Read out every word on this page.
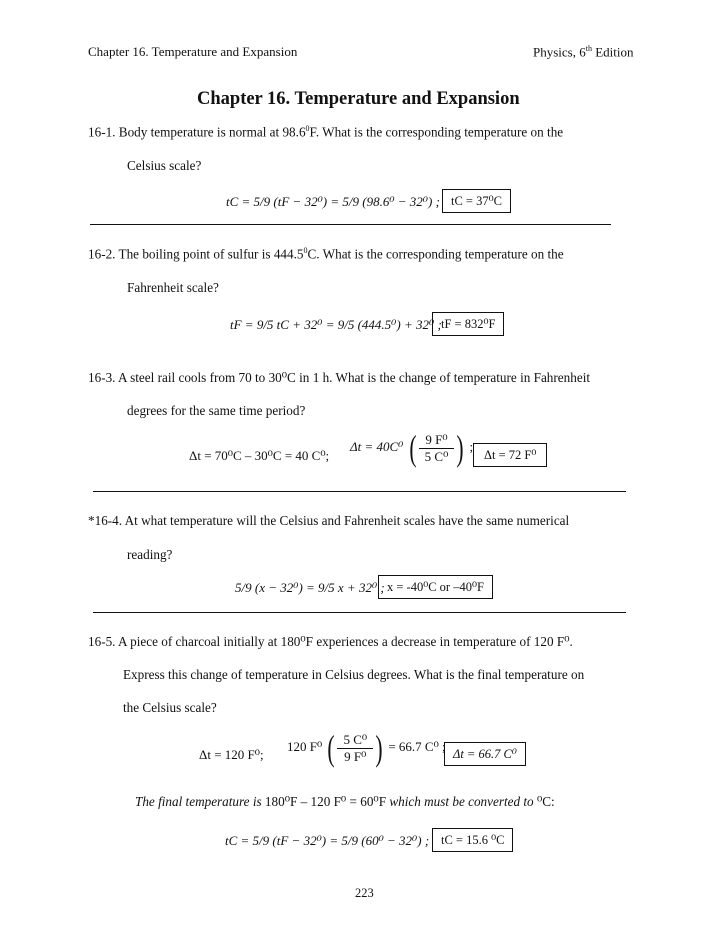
Chapter 16. Temperature and Expansion	Physics, 6th Edition
Chapter 16. Temperature and Expansion
16-1. Body temperature is normal at 98.6$^0$F. What is the corresponding temperature on the
Celsius scale?
tC = 5/9 (tF − 32⁰) = 5/9 (98.6⁰ − 32⁰) ; tC = 37⁰C
16-2. The boiling point of sulfur is 444.5$^0$C. What is the corresponding temperature on the
Fahrenheit scale?
tF = 9/5 tC + 32⁰ = 9/5 (444.5⁰) + 32⁰ ; tF = 832⁰F
16-3. A steel rail cools from 70 to 30⁰C in 1 h. What is the change of temperature in Fahrenheit
degrees for the same time period?
Δt = 70⁰C – 30⁰C = 40 C⁰;
Δt = 40C⁰ ( $\frac{\text{9 F⁰}}{\text{5 C⁰}}$ ) ;
Δt = 72 F⁰
*16-4. At what temperature will the Celsius and Fahrenheit scales have the same numerical
reading?
5/9 (x − 32⁰) = 9/5 x + 32⁰ ; x = -40⁰C or –40⁰F
16-5. A piece of charcoal initially at 180⁰F experiences a decrease in temperature of 120 F⁰.
Express this change of temperature in Celsius degrees. What is the final temperature on
the Celsius scale?
Δt = 120 F⁰;
120 F⁰ ( $\frac{\text{5 C⁰}}{\text{9 F⁰}}$ ) = 66.7 C⁰ ;
Δt = 66.7 C⁰
The final temperature is 180⁰F – 120 F⁰ = 60⁰F which must be converted to ⁰C:
tC = 5/9 (tF − 32⁰) = 5/9 (60⁰ − 32⁰) ; tC = 15.6 ⁰C
223
